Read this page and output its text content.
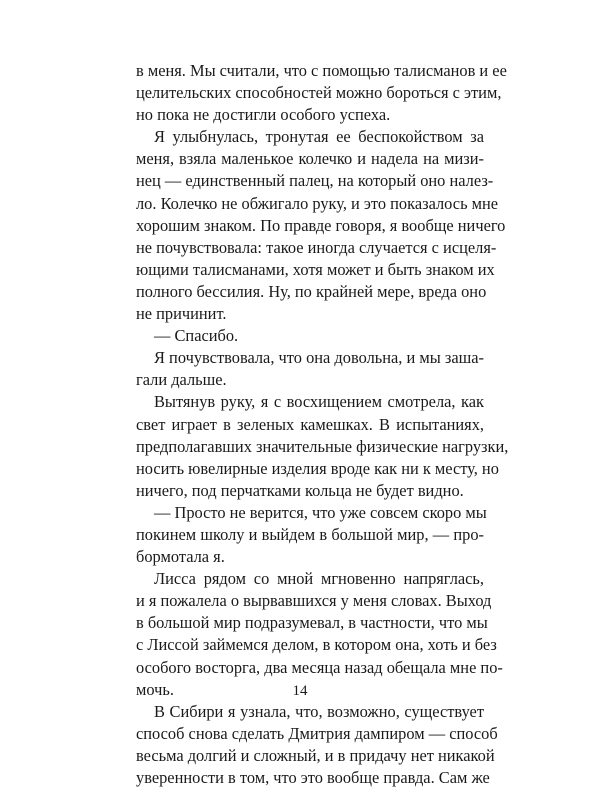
в меня. Мы считали, что с помощью талисманов и ее
целительских способностей можно бороться с этим,
но пока не достигли особого успеха.
Я улыбнулась, тронутая ее беспокойством за
меня, взяла маленькое колечко и надела на мизи-
нец — единственный палец, на который оно налез-
ло. Колечко не обжигало руку, и это показалось мне
хорошим знаком. По правде говоря, я вообще ничего
не почувствовала: такое иногда случается с исцеля-
ющими талисманами, хотя может и быть знаком их
полного бессилия. Ну, по крайней мере, вреда оно
не причинит.
— Спасибо.
Я почувствовала, что она довольна, и мы заша-
гали дальше.
Вытянув руку, я с восхищением смотрела, как
свет играет в зеленых камешках. В испытаниях,
предполагавших значительные физические нагрузки,
носить ювелирные изделия вроде как ни к месту, но
ничего, под перчатками кольца не будет видно.
— Просто не верится, что уже совсем скоро мы
покинем школу и выйдем в большой мир, — про-
бормотала я.
Лисса рядом со мной мгновенно напряглась,
и я пожалела о вырвавшихся у меня словах. Выход
в большой мир подразумевал, в частности, что мы
с Лиссой займемся делом, в котором она, хоть и без
особого восторга, два месяца назад обещала мне по-
мочь.
В Сибири я узнала, что, возможно, существует
способ снова сделать Дмитрия дампиром — способ
весьма долгий и сложный, и в придачу нет никакой
уверенности в том, что это вообще правда. Сам же
14
